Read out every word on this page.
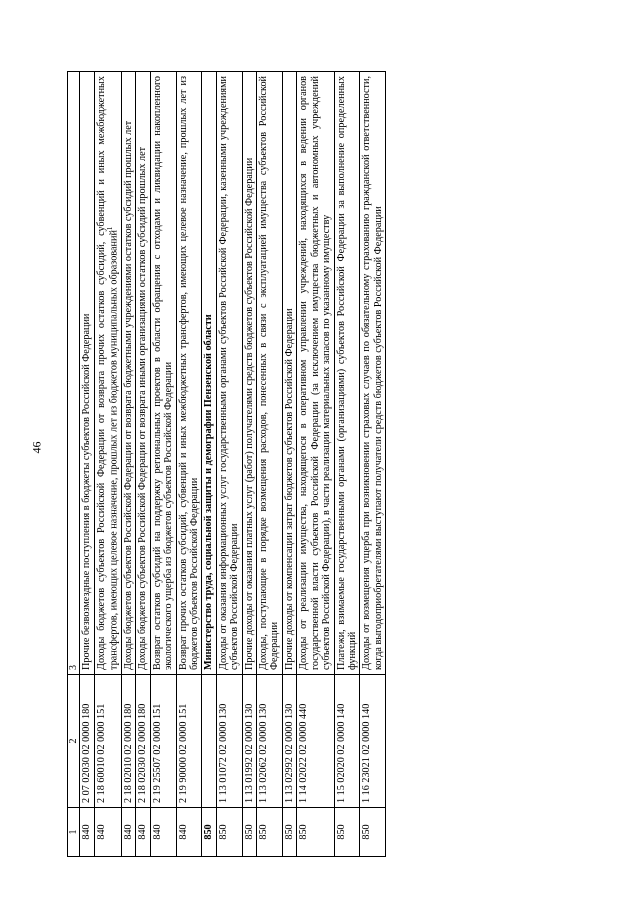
46
1	2	3
840	2 07 02030 02 0000 180	Прочие безвозмездные поступления в бюджеты субъектов Российской Федерации
840	2 18 60010 02 0000 151	Доходы бюджетов субъектов Российской Федерации от возврата прочих остатков субсидий, субвенций и иных межбюджетных трансфертов, имеющих целевое назначение, прошлых лет из бюджетов муниципальных образований$^1$
840	2 18 02010 02 0000 180	Доходы бюджетов субъектов Российской Федерации от возврата бюджетными учреждениями остатков субсидий прошлых лет
840	2 18 02030 02 0000 180	Доходы бюджетов субъектов Российской Федерации от возврата иными организациями остатков субсидий прошлых лет
840	2 19 25507 02 0000 151	Возврат остатков субсидий на поддержку региональных проектов в области обращения с отходами и ликвидации накопленного экологического ущерба из бюджетов субъектов Российской Федерации
840	2 19 90000 02 0000 151	Возврат прочих остатков субсидий, субвенций и иных межбюджетных трансфертов, имеющих целевое назначение, прошлых лет из бюджетов субъектов Российской Федерации
850		Министерство труда, социальной защиты и демографии Пензенской области
850	1 13 01072 02 0000 130	Доходы от оказания информационных услуг государственными органами субъектов Российской Федерации, казенными учреждениями субъектов Российской Федерации
850	1 13 01992 02 0000 130	Прочие доходы от оказания платных услуг (работ) получателями средств бюджетов субъектов Российской Федерации
850	1 13 02062 02 0000 130	Доходы, поступающие в порядке возмещения расходов, понесенных в связи с эксплуатацией имущества субъектов Российской Федерации
850	1 13 02992 02 0000 130	Прочие доходы от компенсации затрат бюджетов субъектов Российской Федерации
850	1 14 02022 02 0000 440	Доходы от реализации имущества, находящегося в оперативном управлении учреждений, находящихся в ведении органов государственной власти субъектов Российской Федерации (за исключением имущества бюджетных и автономных учреждений субъектов Российской Федерации), в части реализации материальных запасов по указанному имуществу
850	1 15 02020 02 0000 140	Платежи, взимаемые государственными органами (организациями) субъектов Российской Федерации за выполнение определенных функций
850	1 16 23021 02 0000 140	Доходы от возмещения ущерба при возникновении страховых случаев по обязательному страхованию гражданской ответственности, когда выгодоприобретателями выступают получатели средств бюджетов субъектов Российской Федерации
